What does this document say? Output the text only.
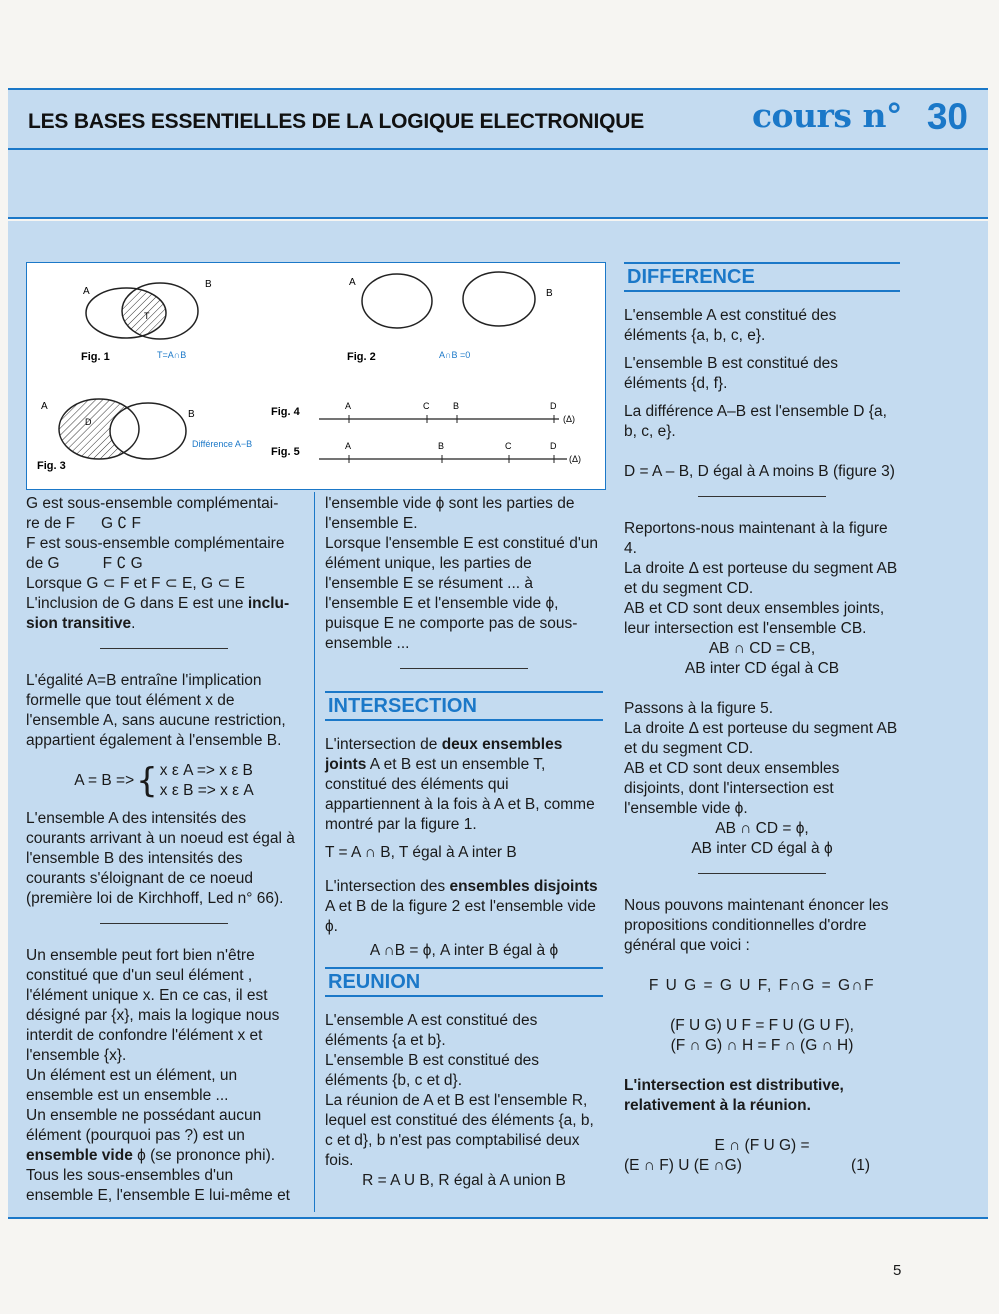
LES BASES ESSENTIELLES DE LA LOGIQUE ELECTRONIQUE	cours n° 30
A
B
T
Fig. 1	T=A∩B
A
B
Fig. 2	A∩B =0
A
B
D
Fig. 3
Différence A−B
Fig. 4	A	C	B	D
(Δ)
Fig. 5	A	B	C	D
(Δ)

G est sous-ensemble complémentai-

re de F      G ∁ F

F est sous-ensemble complémentaire

de G          F ∁ G

Lorsque G ⊂ F et F ⊂ E, G ⊂ E

L'inclusion de G dans E est une inclu-
sion transitive.

L'égalité A=B entraîne l'implication formelle que tout élément x de l'ensemble A, sans aucune restriction, appartient également à l'ensemble B.

A = B => { x ε A => x ε B
x ε B => x ε A

L'ensemble A des intensités des courants arrivant à un noeud est égal à l'ensemble B des intensités des courants s'éloignant de ce noeud (première loi de Kirchhoff, Led n° 66).

Un ensemble peut fort bien n'être constitué que d'un seul élément , l'élément unique x. En ce cas, il est désigné par {x}, mais la logique nous interdit de confondre l'élément x et l'ensemble {x}.

Un élément est un élément, un ensemble est un ensemble ...

Un ensemble ne possédant aucun élément (pourquoi pas ?) est un ensemble vide ϕ (se prononce phi).

Tous les sous-ensembles d'un ensemble E, l'ensemble E lui-même et

l'ensemble vide ϕ sont les parties de l'ensemble E.

Lorsque l'ensemble E est constitué d'un élément unique, les parties de l'ensemble E se résument ... à l'ensemble E et l'ensemble vide ϕ, puisque E ne comporte pas de sous-ensemble ...

INTERSECTION

L'intersection de deux ensembles joints A et B est un ensemble T, constitué des éléments qui appartiennent à la fois à A et B, comme montré par la figure 1.

T = A ∩ B, T égal à A inter B

L'intersection des ensembles disjoints A et B de la figure 2 est l'ensemble vide ϕ.

A ∩B = ϕ, A inter B égal à ϕ

REUNION

L'ensemble A est constitué des éléments {a et b}.

L'ensemble B est constitué des éléments {b, c et d}.

La réunion de A et B est l'ensemble R, lequel est constitué des éléments {a, b, c et d}, b n'est pas comptabilisé deux fois.

R = A U B, R égal à A union B

DIFFERENCE

L'ensemble A est constitué des éléments {a, b, c, e}.

L'ensemble B est constitué des éléments {d, f}.

La différence A–B est l'ensemble D {a, b, c, e}.

D = A – B, D égal à A moins B (figure 3)

Reportons-nous maintenant à la figure 4.

La droite Δ est porteuse du segment AB et du segment CD.

AB et CD sont deux ensembles joints, leur intersection est l'ensemble CB.

AB ∩ CD = CB,

AB inter CD égal à CB

Passons à la figure 5.

La droite Δ est porteuse du segment AB et du segment CD.

AB et CD sont deux ensembles disjoints, dont l'intersection est l'ensemble vide ϕ.

AB ∩ CD = ϕ,

AB inter CD égal à ϕ

Nous pouvons maintenant énoncer les propositions conditionnelles d'ordre général que voici :

F U G = G U F, F∩G = G∩F

(F U G) U F = F U (G U F),

(F ∩ G) ∩ H = F ∩ (G ∩ H)

L'intersection est distributive, relativement à la réunion.

E ∩ (F U G) =

(E ∩ F) U (E ∩G)	(1)

5
